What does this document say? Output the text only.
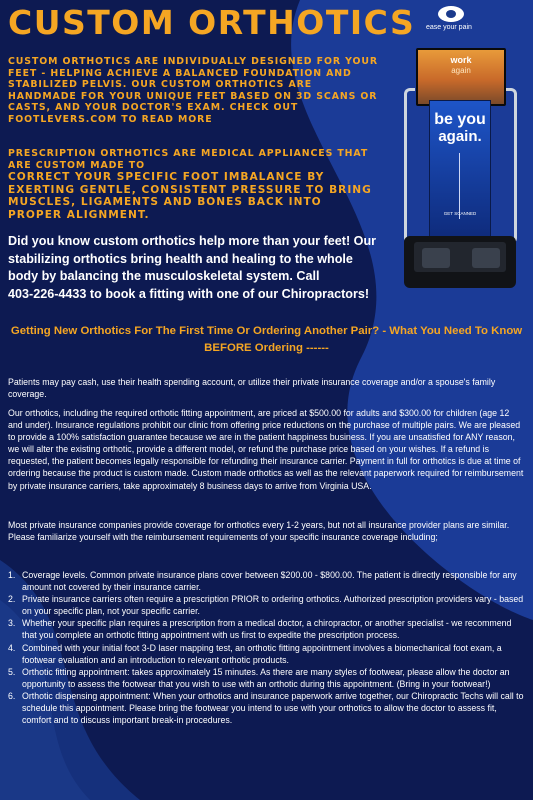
CUSTOM ORTHOTICS

CUSTOM ORTHOTICS ARE INDIVIDUALLY DESIGNED FOR YOUR FEET - HELPING ACHIEVE A BALANCED FOUNDATION AND STABILIZED PELVIS. OUR CUSTOM ORTHOTICS ARE HANDMADE FOR YOUR UNIQUE FEET BASED ON 3D SCANS OR CASTS, AND YOUR DOCTOR'S EXAM. CHECK OUT FOOTLEVERS.COM TO READ MORE

PRESCRIPTION ORTHOTICS ARE MEDICAL APPLIANCES THAT ARE CUSTOM MADE TO
CORRECT YOUR SPECIFIC FOOT IMBALANCE BY EXERTING GENTLE, CONSISTENT PRESSURE TO BRING MUSCLES, LIGAMENTS AND BONES BACK INTO PROPER ALIGNMENT.

Did you know custom orthotics help more than your feet! Our stabilizing orthotics bring health and healing to the whole body by balancing the musculoskeletal system. Call
403-226-4433 to book a fitting with one of our Chiropractors!

ease your pain

work

again

be you

again.

GET SCANNED

Getting New Orthotics For The First Time Or Ordering Another Pair? - What You Need To Know BEFORE Ordering ------

Patients may pay cash, use their health spending account, or utilize their private insurance coverage and/or a spouse's family coverage.

Our orthotics, including the required orthotic fitting appointment, are priced at $500.00 for adults and $300.00 for children (age 12 and under). Insurance regulations prohibit our clinic from offering price reductions on the purchase of multiple pairs. We are pleased to provide a 100% satisfaction guarantee because we are in the patient happiness business. If you are unsatisfied for ANY reason, we will alter the existing orthotic, provide a different model, or refund the purchase price based on your wishes. If a refund is requested, the patient becomes legally responsible for refunding their insurance carrier. Payment in full for orthotics is due at time of ordering because the product is custom made. Custom made orthotics as well as the relevant paperwork required for reimbursement by private insurance carriers, take approximately 8 business days to arrive from Virginia USA.

Most private insurance companies provide coverage for orthotics every 1-2 years, but not all insurance provider plans are similar. Please familiarize yourself with the reimbursement requirements of your specific insurance coverage including;

1. Coverage levels. Common private insurance plans cover between $200.00 - $800.00. The patient is directly responsible for any amount not covered by their insurance carrier.
2. Private insurance carriers often require a prescription PRIOR to ordering orthotics. Authorized prescription providers vary - based on your specific plan, not your specific carrier.
3. Whether your specific plan requires a prescription from a medical doctor, a chiropractor, or another specialist - we recommend that you complete an orthotic fitting appointment with us first to expedite the prescription process.
4. Combined with your initial foot 3-D laser mapping test, an orthotic fitting appointment involves a biomechanical foot exam, a footwear evaluation and an introduction to relevant orthotic products.
5. Orthotic fitting appointment: takes approximately 15 minutes. As there are many styles of footwear, please allow the doctor an opportunity to assess the footwear that you wish to use with an orthotic during this appointment. (Bring in your footwear!)
6. Orthotic dispensing appointment: When your orthotics and insurance paperwork arrive together, our Chiropractic Techs will call to schedule this appointment. Please bring the footwear you intend to use with your orthotics to allow the doctor to assess fit, comfort and to discuss important break-in procedures.
